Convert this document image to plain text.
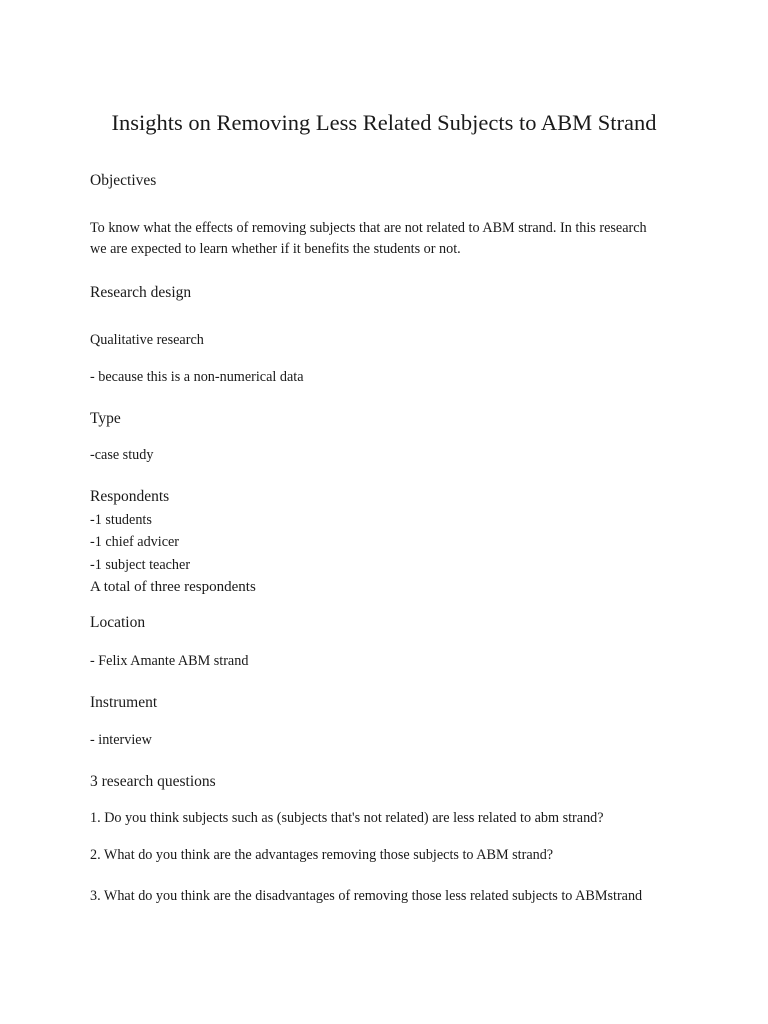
Insights on Removing Less Related Subjects to ABM Strand

Objectives

To know what the effects of removing subjects that are not related to ABM strand. In this research we are expected to learn whether if it benefits the students or not.

Research design

Qualitative research

- because this is a non-numerical data

Type

-case study

Respondents

-1 students
-1 chief advicer
-1 subject teacher

A total of three respondents

Location

- Felix Amante ABM strand

Instrument

- interview

3 research questions

1. Do you think subjects such as (subjects that's not related) are less related to abm strand?

2. What do you think are the advantages removing those subjects to ABM strand?

3. What do you think are the disadvantages of removing those less related subjects to ABMstrand
